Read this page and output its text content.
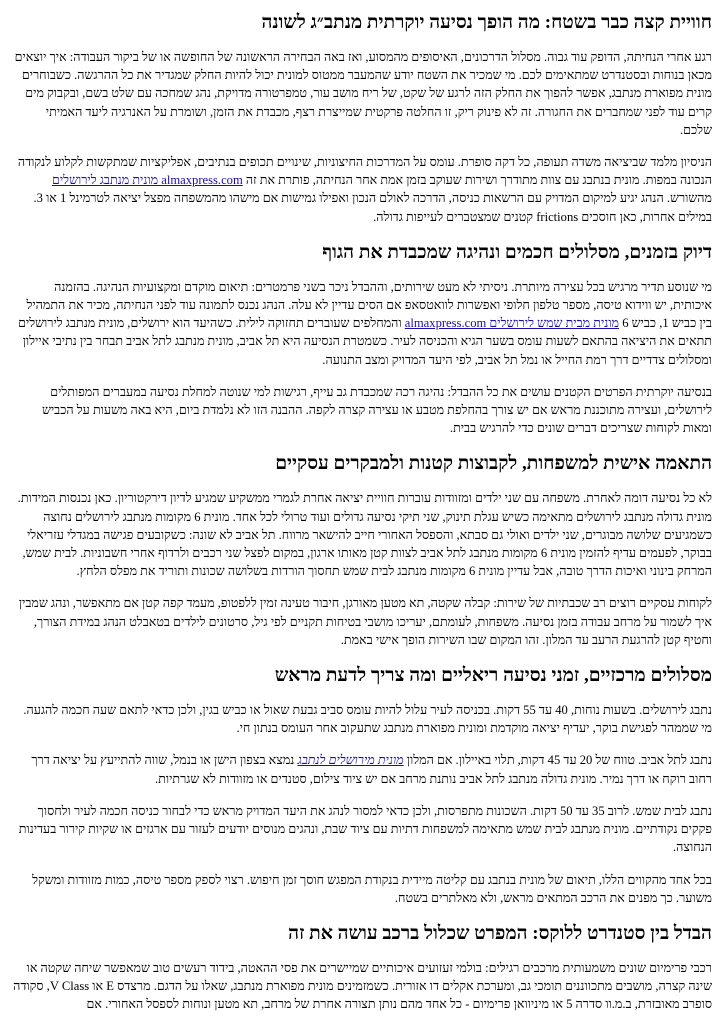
חוויית קצה כבר בשטח: מה הופך נסיעה יוקרתית מנתב״ג לשונה

רגע אחרי הנחיתה, הדופק עוד גבוה. מסלול הדרכונים, האיסופים מהמסוע, ואז באה הבחירה הראשונה של החופשה או של ביקור העבודה: איך יוצאים מכאן בנוחות ובסטנדרט שמתאימים לכם. מי שמכיר את השטח יודע שהמעבר ממטוס למונית יכול להיות החלק שמגדיר את כל ההרגשה. כשבוחרים מונית מפוארת מנתבג, אפשר להפוך את החלק הזה לרגע של שקט, של ריח מושב עור, טמפרטורה מדויקת, נהג שמחכה עם שלט בשם, ובקבוק מים קרים עוד לפני שמחברים את החגורה. זה לא פינוק ריק, זו החלטה פרקטית שמייצרת רצף, מכבדת את הזמן, ושומרת על האנרגיה ליעד האמיתי שלכם.

הניסיון מלמד שביציאה משדה תעופה, כל דקה סופרת. עומס על המדרכות החיצוניות, שינויים תכופים בנתיבים, אפליקציות שמתקשות לקלוע לנקודה הנכונה במפות. מונית בנתבג עם צוות מתודרך ושירות שעוקב בזמן אמת אחר הנחיתה, פותרת את זה almaxpress.com מונית מנתבג לירושלים מהשורש. הנהג יגיע למיקום המדויק עם הרשאות כניסה, הדרכה לאולם הנכון ואפילו גמישות אם מישהו מהמשפחה מפצל יציאה לטרמינל 1 או 3. במילים אחרות, כאן חוסכים frictions קטנים שמצטברים לעייפות גדולה.

דיוק בזמנים, מסלולים חכמים ונהיגה שמכבדת את הגוף

מי שנוסע תדיר מרגיש בכל עצירה מיותרת. ניסיתי לא מעט שירותים, וההבדל ניכר בשני פרמטרים: תיאום מוקדם ומקצועיות הנהיגה. בהזמנה איכותית, יש ווידוא טיסה, מספר טלפון חלופי ואפשרות לוואטסאפ אם הסים עדיין לא עלה. הנהג נכנס לתמונה עוד לפני הנחיתה, מכיר את התמהיל בין כביש 1, כביש 6 מונית מבית שמש לירושלים almaxpress.com והמחלפים שעוברים תחזוקה לילית. כשהיעד הוא ירושלים, מונית מנתבג לירושלים תתאים את היציאה בהתאם לשעות עומס בשער הגיא והכניסה לעיר. כשמטרת הנסיעה היא תל אביב, מונית מנתבג לתל אביב תבחר בין נתיבי איילון ומסלולים צדדיים דרך רמת החייל או נמל תל אביב, לפי היעד המדויק ומצב התנועה.

בנסיעה יוקרתית הפרטים הקטנים עושים את כל ההבדל: נהיגה רכה שמכבדת גב עייף, רגישות למי שנוטה למחלת נסיעה במעברים המפותלים לירושלים, ועצירה מתוכננת מראש אם יש צורך בהחלפת מטבע או עצירה קצרה לקפה. ההבנה הזו לא נלמדת ביום, היא באה משעות על הכביש ומאות לקוחות שצריכים דברים שונים כדי להרגיש בבית.

התאמה אישית למשפחות, לקבוצות קטנות ולמבקרים עסקיים

לא כל נסיעה דומה לאחרת. משפחה עם שני ילדים ומזוודות עוברות חוויית יציאה אחרת לגמרי ממשקיע שמגיע לדיון דירקטוריון. כאן נכנסות המידות. מונית גדולה מנתבג לירושלים מתאימה כשיש עגלת תינוק, שני תיקי נסיעה גדולים ועוד טרולי לכל אחד. מונית 6 מקומות מנתבג לירושלים נחוצה כשמגיעים שלושה מבוגרים, שני ילדים ואולי גם סבתא, והספסל האחורי חייב להישאר מרווח. תל אביב לא שונה: כשקובעים פגישה במגדלי עזריאלי בבוקר, לפעמים עדיף להזמין מונית 6 מקומות מנתבג לתל אביב לצוות קטן מאותו ארגון, במקום לפצל שני רכבים ולרדוף אחרי חשבוניות. לבית שמש, המרחק בינוני ואיכות הדרך טובה, אבל עדיין מונית 6 מקומות מנתבג לבית שמש תחסוך הורדות בשלושה שכונות ותוריד את מפלס הלחץ.

לקוחות עסקיים רוצים רב שכבתיות של שירות: קבלה שקטה, תא מטען מאורגן, חיבור טעינה זמין ללפטופ, מעמד קפה קטן אם מתאפשר, ונהג שמבין איך לשמור על מרחב עבודה בזמן נסיעה. משפחות, לעומתם, יעריכו מושבי בטיחות תקניים לפי גיל, סרטונים לילדים בטאבלט הנהג במידת הצורך, וחטיף קטן להרגעת הרעב עד המלון. זהו המקום שבו השירות הופך אישי באמת.

מסלולים מרכזיים, זמני נסיעה ריאליים ומה צריך לדעת מראש

נתבג לירושלים. בשעות נוחות, 40 עד 55 דקות. בכניסה לעיר עלול להיות עומס סביב גבעת שאול או כביש בגין, ולכן כדאי לתאם שעה חכמה להגעה. מי שממהר לפגישת בוקר, יעדיף יציאה מוקדמת ומונית מפוארת מנתבג שתעקוב אחר העומס בנתון חי.

נתבג לתל אביב. טווח של 20 עד 45 דקות, תלוי באיילון. אם המלון מונית מירושלים לנתבג נמצא בצפון הישן או בנמל, שווה להתייעץ על יציאה דרך רחוב רוקח או דרך נמיר. מונית גדולה מנתבג לתל אביב נותנת מרחב אם יש ציוד צילום, סטנדים או מזוודות לא שגרתיות.

נתבג לבית שמש. לרוב 35 עד 50 דקות. השכונות מתפרסות, ולכן כדאי למסור לנהג את היעד המדויק מראש כדי לבחור כניסה חכמה לעיר ולחסוך פקקים נקודתיים. מונית מנתבג לבית שמש מתאימה למשפחות דתיות עם ציוד שבת, ונהגים מנוסים יודעים לעזור עם ארגזים או שקיות קירור בעדינות הנחוצה.

בכל אחד מהקווים הללו, תיאום של מונית בנתבג עם קליטה מיידית בנקודת המפגש חוסך זמן חיפוש. רצוי לספק מספר טיסה, כמות מזוודות ומשקל משוער. כך מפנים את הרכב המתאים מראש, ולא מאלתרים בשטח.

הבדל בין סטנדרט ללוקס: המפרט שכלול ברכב עושה את זה

רכבי פרימיום שונים משמעותית מרכבים רגילים: בולמי זעזועים איכותיים שמיישרים את פסי ההאטה, בידוד רעשים טוב שמאפשר שיחה שקטה או שינה קצרה, מושבים מתכווננים תומכי גב, ומערכת אקלים דו אזורית. כשמזמינים מונית מפוארת מנתבג, שאלו על הדגם. מרצדס E או V Class, סקודה סופרב מאובזרת, ב.מ.וו סדרה 5 או מיניוואן פרימיום - כל אחד מהם נותן תצורה אחרת של מרחב, תא מטען ונוחות לספסל האחורי. אם
